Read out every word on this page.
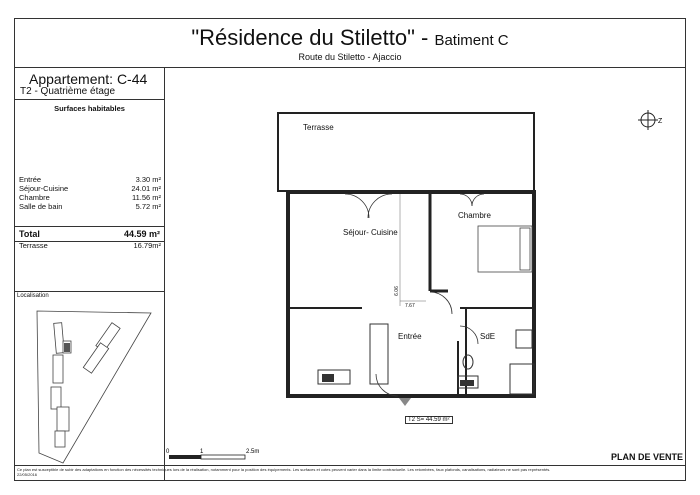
"Résidence du Stiletto" - Batiment C
Route du Stiletto - Ajaccio
Appartement: C-44
T2 - Quatrième étage
Surfaces habitables
Entrée	3.30 m²
Séjour-Cuisine	24.01 m²
Chambre	11.56 m²
Salle de bain	5.72 m²
Total	44.59 m²
Terrasse	16.79m²
Localisation
Z
PLAN DE VENTE
Ce plan est susceptible de subir des adaptations en fonction des nécessités techniques lors de la réalisation, notamment pour la position des équipements. Les surfaces et cotes peuvent varier dans la limite contractuelle. Les retombées, faux plafonds, canalisations, radiateurs ne sont pas représentés.
22/05/2016
Terrasse
Séjour- Cuisine
Chambre
Entrée	SdE
6.06
7.67
T2 S= 44.59 m²
0	1	2.5m
